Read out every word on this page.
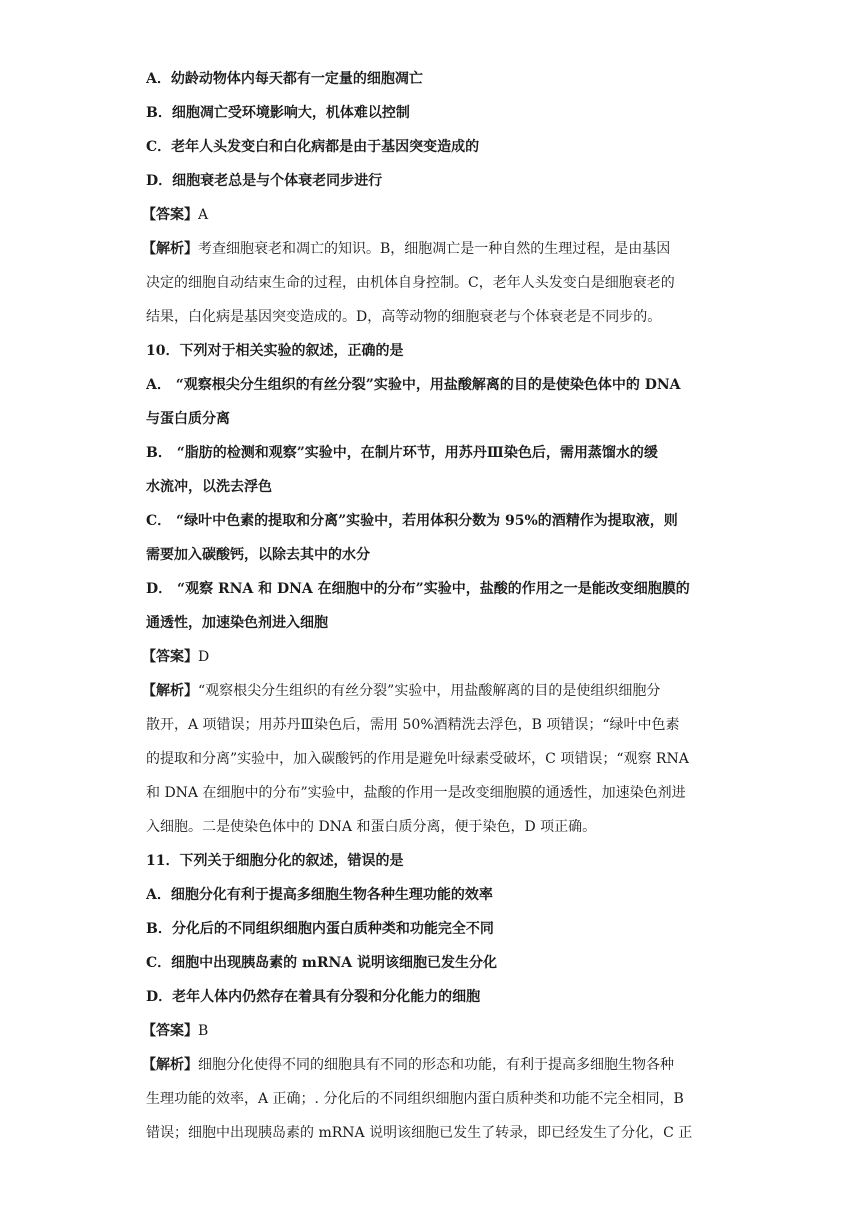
A．幼龄动物体内每天都有一定量的细胞凋亡
B．细胞凋亡受环境影响大，机体难以控制
C．老年人头发变白和白化病都是由于基因突变造成的
D．细胞衰老总是与个体衰老同步进行
【答案】A
【解析】考查细胞衰老和凋亡的知识。B，细胞凋亡是一种自然的生理过程，是由基因
决定的细胞自动结束生命的过程，由机体自身控制。C，老年人头发变白是细胞衰老的
结果，白化病是基因突变造成的。D，高等动物的细胞衰老与个体衰老是不同步的。
10．下列对于相关实验的叙述，正确的是
A． “观察根尖分生组织的有丝分裂”实验中，用盐酸解离的目的是使染色体中的 DNA
与蛋白质分离
B． “脂肪的检测和观察”实验中，在制片环节，用苏丹Ⅲ染色后，需用蒸馏水的缓
水流冲，以洗去浮色
C． “绿叶中色素的提取和分离”实验中，若用体积分数为 95%的酒精作为提取液，则
需要加入碳酸钙，以除去其中的水分
D． “观察 RNA 和 DNA 在细胞中的分布”实验中，盐酸的作用之一是能改变细胞膜的
通透性，加速染色剂进入细胞
【答案】D
【解析】“观察根尖分生组织的有丝分裂”实验中，用盐酸解离的目的是使组织细胞分
散开，A 项错误；用苏丹Ⅲ染色后，需用 50%酒精洗去浮色，B 项错误；“绿叶中色素
的提取和分离”实验中，加入碳酸钙的作用是避免叶绿素受破坏，C 项错误；“观察 RNA
和 DNA 在细胞中的分布”实验中，盐酸的作用一是改变细胞膜的通透性，加速染色剂进
入细胞。二是使染色体中的 DNA 和蛋白质分离，便于染色，D 项正确。
11．下列关于细胞分化的叙述，错误的是
A．细胞分化有利于提高多细胞生物各种生理功能的效率
B．分化后的不同组织细胞内蛋白质种类和功能完全不同
C．细胞中出现胰岛素的 mRNA 说明该细胞已发生分化
D．老年人体内仍然存在着具有分裂和分化能力的细胞
【答案】B
【解析】细胞分化使得不同的细胞具有不同的形态和功能，有利于提高多细胞生物各种
生理功能的效率，A 正确；. 分化后的不同组织细胞内蛋白质种类和功能不完全相同，B
错误；细胞中出现胰岛素的 mRNA 说明该细胞已发生了转录，即已经发生了分化，C 正
